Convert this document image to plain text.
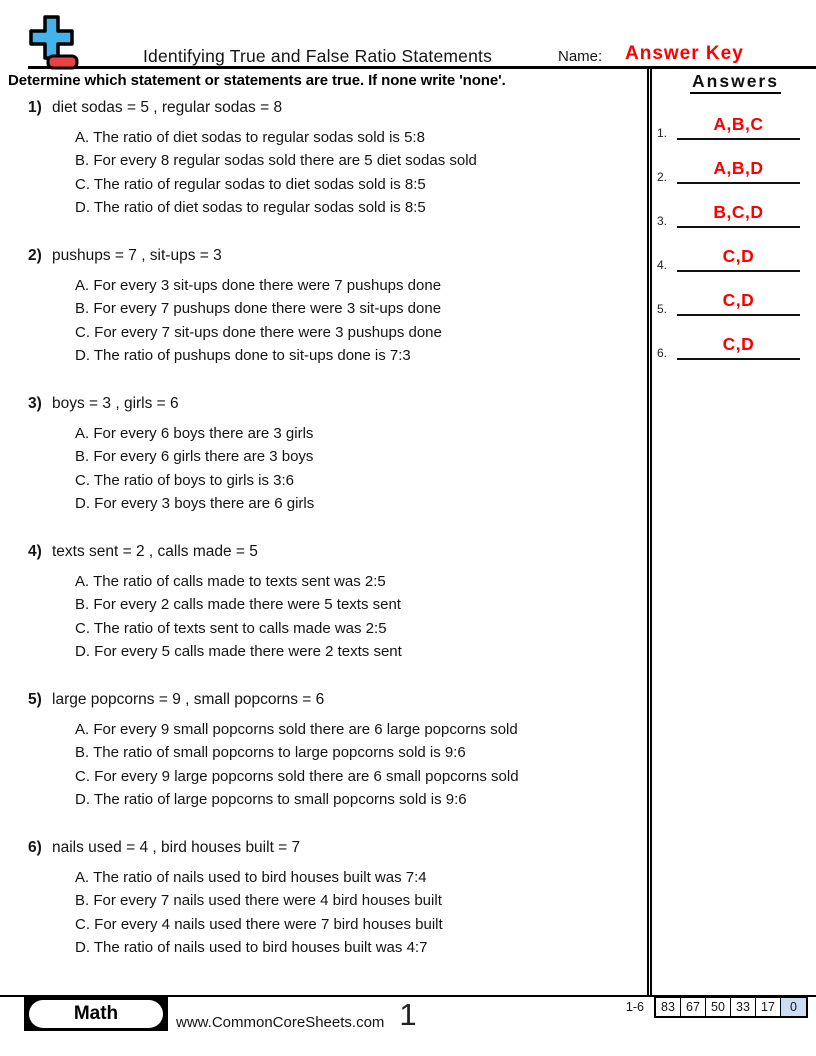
Identifying True and False Ratio Statements	Name: Answer Key
Determine which statement or statements are true. If none write 'none'.	Answers
1.	A,B,C
2.	A,B,D
3.	B,C,D
4.	C,D
5.	C,D
6.	C,D
1) diet sodas = 5 , regular sodas = 8
A. The ratio of diet sodas to regular sodas sold is 5:8
B. For every 8 regular sodas sold there are 5 diet sodas sold
C. The ratio of regular sodas to diet sodas sold is 8:5
D. The ratio of diet sodas to regular sodas sold is 8:5
2) pushups = 7 , sit-ups = 3
A. For every 3 sit-ups done there were 7 pushups done
B. For every 7 pushups done there were 3 sit-ups done
C. For every 7 sit-ups done there were 3 pushups done
D. The ratio of pushups done to sit-ups done is 7:3
3) boys = 3 , girls = 6
A. For every 6 boys there are 3 girls
B. For every 6 girls there are 3 boys
C. The ratio of boys to girls is 3:6
D. For every 3 boys there are 6 girls
4) texts sent = 2 , calls made = 5
A. The ratio of calls made to texts sent was 2:5
B. For every 2 calls made there were 5 texts sent
C. The ratio of texts sent to calls made was 2:5
D. For every 5 calls made there were 2 texts sent
5) large popcorns = 9 , small popcorns = 6
A. For every 9 small popcorns sold there are 6 large popcorns sold
B. The ratio of small popcorns to large popcorns sold is 9:6
C. For every 9 large popcorns sold there are 6 small popcorns sold
D. The ratio of large popcorns to small popcorns sold is 9:6
6) nails used = 4 , bird houses built = 7
A. The ratio of nails used to bird houses built was 7:4
B. For every 7 nails used there were 4 bird houses built
C. For every 4 nails used there were 7 bird houses built
D. The ratio of nails used to bird houses built was 4:7
Math	www.CommonCoreSheets.com 1	1-6	83 67 50 33 17	0
